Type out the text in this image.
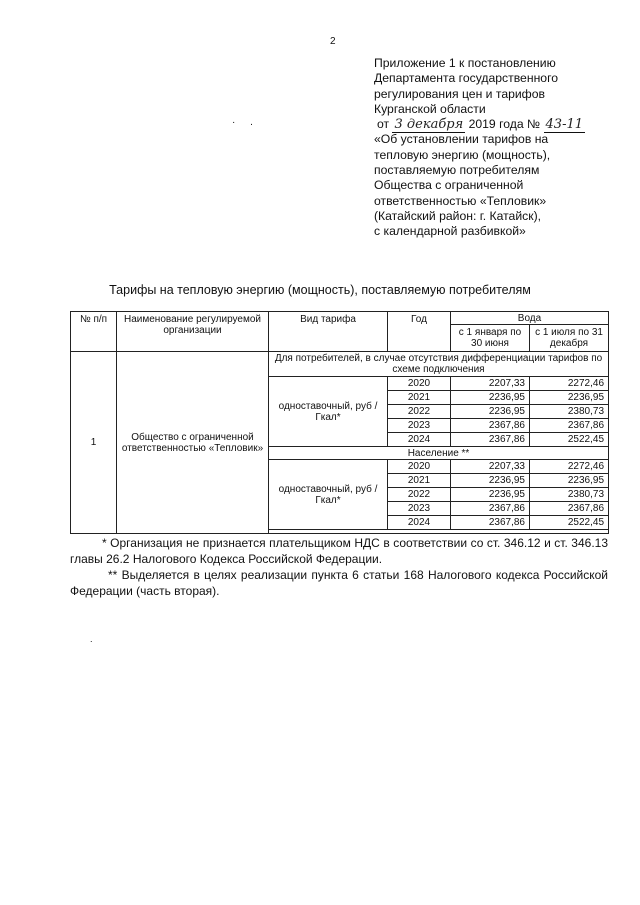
2
Приложение 1 к постановлению
Департамента государственного
регулирования цен и тарифов
Курганской области
от 3 декабря 2019 года № 43-11
«Об установлении тарифов на
тепловую энергию (мощность),
поставляемую потребителям
Общества с ограниченной
ответственностью «Тепловик»
(Катайский район: г. Катайск),
с календарной разбивкой»
· .
Тарифы на тепловую энергию (мощность), поставляемую потребителям
№ п/п	Наименование регулируемой организации	Вид тарифа	Год	Вода	
				с 1 января по 30 июня	с 1 июля по 31 декабря
1	Общество с ограниченной ответственностью «Тепловик»	Для потребителей, в случае отсутствия дифференциации тарифов по схеме подключения			
		одноставочный, руб /Гкал*	2020	2207,33	2272,46
			2021	2236,95	2236,95
			2022	2236,95	2380,73
			2023	2367,86	2367,86
			2024	2367,86	2522,45
		Население **			
		одноставочный, руб /Гкал*	2020	2207,33	2272,46
			2021	2236,95	2236,95
			2022	2236,95	2380,73
			2023	2367,86	2367,86
			2024	2367,86	2522,45

* Организация не признается плательщиком НДС в соответствии со ст. 346.12 и ст. 346.13 главы 26.2 Налогового Кодекса Российской Федерации.
** Выделяется в целях реализации пункта 6 статьи 168 Налогового кодекса Российской Федерации (часть вторая).
.
